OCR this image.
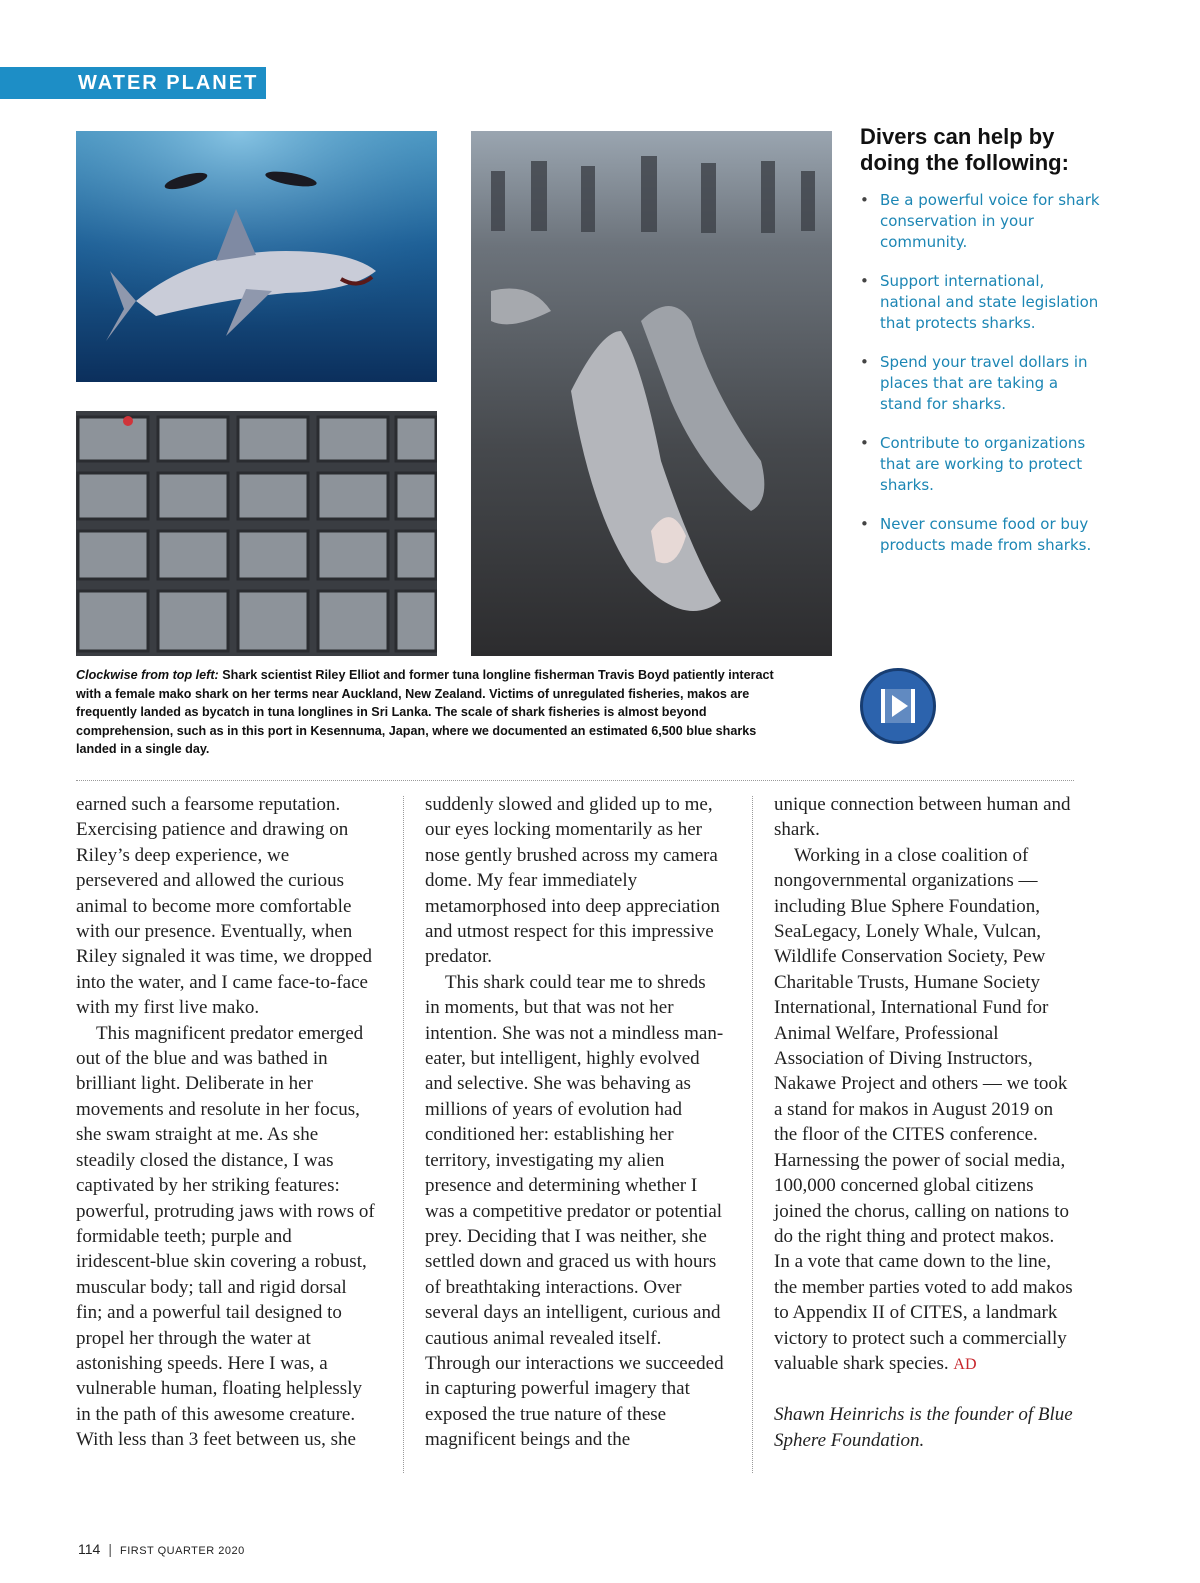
WATER PLANET
Divers can help by doing the following:
• Be a powerful voice for shark conservation in your community.
• Support international, national and state legislation that protects sharks.
• Spend your travel dollars in places that are taking a stand for sharks.
• Contribute to organizations that are working to protect sharks.
• Never consume food or buy products made from sharks.
Clockwise from top left: Shark scientist Riley Elliot and former tuna longline fisherman Travis Boyd patiently interact with a female mako shark on her terms near Auckland, New Zealand. Victims of unregulated fisheries, makos are frequently landed as bycatch in tuna longlines in Sri Lanka. The scale of shark fisheries is almost beyond comprehension, such as in this port in Kesennuma, Japan, where we documented an estimated 6,500 blue sharks landed in a single day.

earned such a fearsome reputation. Exercising patience and drawing on Riley’s deep experience, we persevered and allowed the curious animal to become more comfortable with our presence. Eventually, when Riley signaled it was time, we dropped into the water, and I came face-to-face with my first live mako.

This magnificent predator emerged out of the blue and was bathed in brilliant light. Deliberate in her movements and resolute in her focus, she swam straight at me. As she steadily closed the distance, I was captivated by her striking features: powerful, protruding jaws with rows of formidable teeth; purple and iridescent-blue skin covering a robust, muscular body; tall and rigid dorsal fin; and a powerful tail designed to propel her through the water at astonishing speeds. Here I was, a vulnerable human, floating helplessly in the path of this awesome creature. With less than 3 feet between us, she

suddenly slowed and glided up to me, our eyes locking momentarily as her nose gently brushed across my camera dome. My fear immediately metamorphosed into deep appreciation and utmost respect for this impressive predator.

This shark could tear me to shreds in moments, but that was not her intention. She was not a mindless man-eater, but intelligent, highly evolved and selective. She was behaving as millions of years of evolution had conditioned her: establishing her territory, investigating my alien presence and determining whether I was a competitive predator or potential prey. Deciding that I was neither, she settled down and graced us with hours of breathtaking interactions. Over several days an intelligent, curious and cautious animal revealed itself. Through our interactions we succeeded in capturing powerful imagery that exposed the true nature of these magnificent beings and the

unique connection between human and shark.

Working in a close coalition of nongovernmental organizations — including Blue Sphere Foundation, SeaLegacy, Lonely Whale, Vulcan, Wildlife Conservation Society, Pew Charitable Trusts, Humane Society International, International Fund for Animal Welfare, Professional Association of Diving Instructors, Nakawe Project and others — we took a stand for makos in August 2019 on the floor of the CITES conference. Harnessing the power of social media, 100,000 concerned global citizens joined the chorus, calling on nations to do the right thing and protect makos. In a vote that came down to the line, the member parties voted to add makos to Appendix II of CITES, a landmark victory to protect such a commercially valuable shark species. AD

Shawn Heinrichs is the founder of Blue Sphere Foundation.

114 | FIRST QUARTER 2020
